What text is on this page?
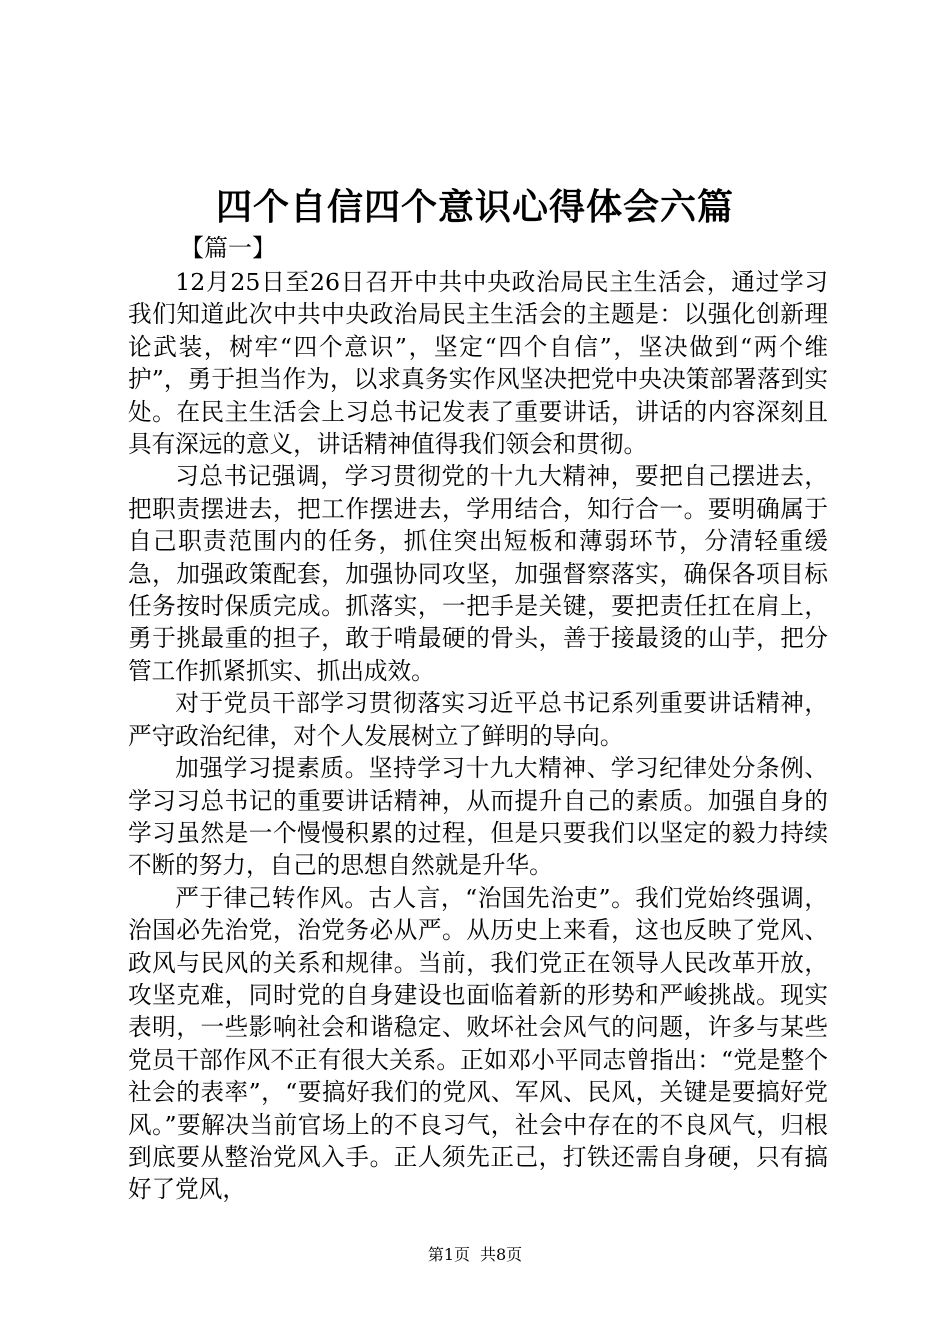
四个自信四个意识心得体会六篇
【篇一】

12月25日至26日召开中共中央政治局民主生活会，通过学习我们知道此次中共中央政治局民主生活会的主题是：以强化创新理论武装，树牢“四个意识”，坚定“四个自信”，坚决做到“两个维护”，勇于担当作为，以求真务实作风坚决把党中央决策部署落到实处。在民主生活会上习总书记发表了重要讲话，讲话的内容深刻且具有深远的意义，讲话精神值得我们领会和贯彻。

习总书记强调，学习贯彻党的十九大精神，要把自己摆进去，把职责摆进去，把工作摆进去，学用结合，知行合一。要明确属于自己职责范围内的任务，抓住突出短板和薄弱环节，分清轻重缓急，加强政策配套，加强协同攻坚，加强督察落实，确保各项目标任务按时保质完成。抓落实，一把手是关键，要把责任扛在肩上，勇于挑最重的担子，敢于啃最硬的骨头，善于接最烫的山芋，把分管工作抓紧抓实、抓出成效。

对于党员干部学习贯彻落实习近平总书记系列重要讲话精神，严守政治纪律，对个人发展树立了鲜明的导向。

加强学习提素质。坚持学习十九大精神、学习纪律处分条例、学习习总书记的重要讲话精神，从而提升自己的素质。加强自身的学习虽然是一个慢慢积累的过程，但是只要我们以坚定的毅力持续不断的努力，自己的思想自然就是升华。

严于律己转作风。古人言，“治国先治吏”。我们党始终强调，治国必先治党，治党务必从严。从历史上来看，这也反映了党风、政风与民风的关系和规律。当前，我们党正在领导人民改革开放，攻坚克难，同时党的自身建设也面临着新的形势和严峻挑战。现实表明，一些影响社会和谐稳定、败坏社会风气的问题，许多与某些党员干部作风不正有很大关系。正如邓小平同志曾指出：“党是整个社会的表率”，“要搞好我们的党风、军风、民风，关键是要搞好党风。”要解决当前官场上的不良习气，社会中存在的不良风气，归根到底要从整治党风入手。正人须先正己，打铁还需自身硬，只有搞好了党风，

第1页 共8页
